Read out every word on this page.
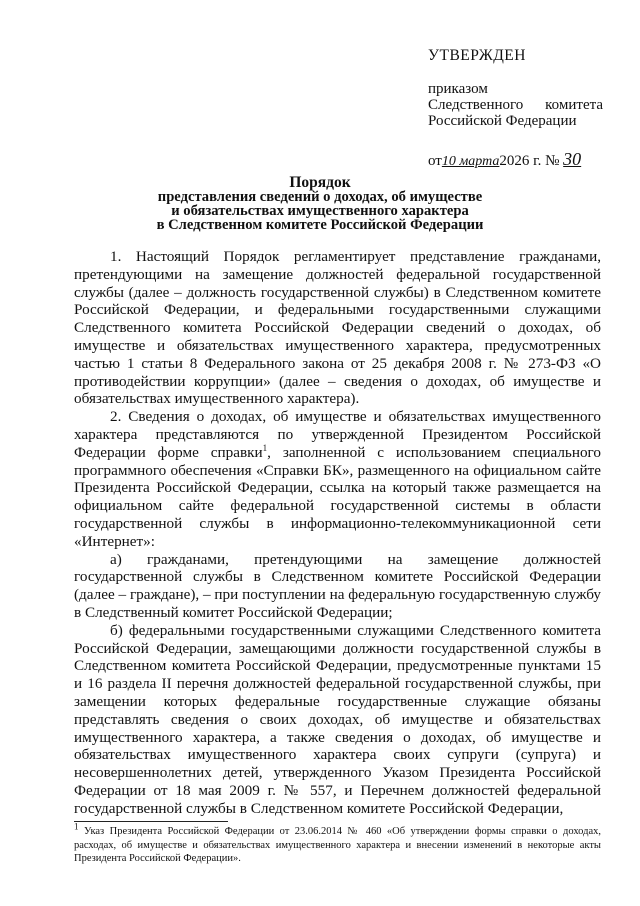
УТВЕРЖДЕН
приказом
Следственного комитета
Российской Федерации
от10 марта2026 г. № 30
Порядок
представления сведений о доходах, об имуществе
и обязательствах имущественного характера
в Следственном комитете Российской Федерации

1. Настоящий Порядок регламентирует представление гражданами, претендующими на замещение должностей федеральной государственной службы (далее – должность государственной службы) в Следственном комитете Российской Федерации, и федеральными государственными служащими Следственного комитета Российской Федерации сведений о доходах, об имуществе и обязательствах имущественного характера, предусмотренных частью 1 статьи 8 Федерального закона от 25 декабря 2008 г. № 273-ФЗ «О противодействии коррупции» (далее – сведения о доходах, об имуществе и обязательствах имущественного характера).

2. Сведения о доходах, об имуществе и обязательствах имущественного характера представляются по утвержденной Президентом Российской Федерации форме справки$^1$, заполненной с использованием специального программного обеспечения «Справки БК», размещенного на официальном сайте Президента Российской Федерации, ссылка на который также размещается на официальном сайте федеральной государственной системы в области государственной службы в информационно-телекоммуникационной сети «Интернет»:

а) гражданами, претендующими на замещение должностей государственной службы в Следственном комитете Российской Федерации (далее – граждане), – при поступлении на федеральную государственную службу в Следственный комитет Российской Федерации;

б) федеральными государственными служащими Следственного комитета Российской Федерации, замещающими должности государственной службы в Следственном комитета Российской Федерации, предусмотренные пунктами 15 и 16 раздела II перечня должностей федеральной государственной службы, при замещении которых федеральные государственные служащие обязаны представлять сведения о своих доходах, об имуществе и обязательствах имущественного характера, а также сведения о доходах, об имуществе и обязательствах имущественного характера своих супруги (супруга) и несовершеннолетних детей, утвержденного Указом Президента Российской Федерации от 18 мая 2009 г. № 557, и Перечнем должностей федеральной государственной службы в Следственном комитете Российской Федерации,

$^1$ Указ Президента Российской Федерации от 23.06.2014 № 460 «Об утверждении формы справки о доходах, расходах, об имуществе и обязательствах имущественного характера и внесении изменений в некоторые акты Президента Российской Федерации».
